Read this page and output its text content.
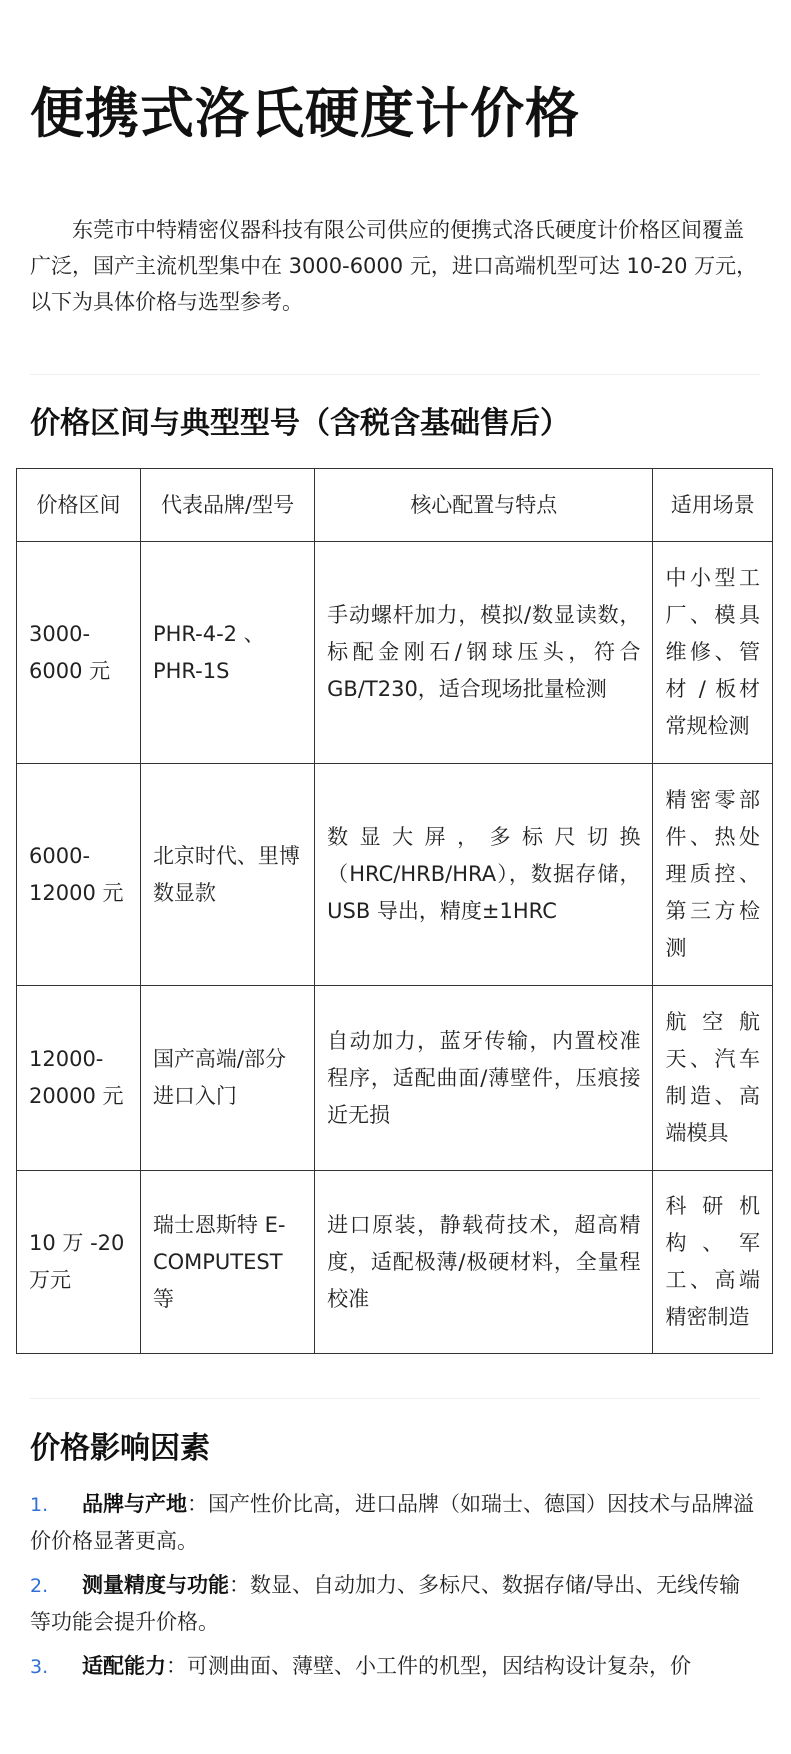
便携式洛氏硬度计价格

东莞市中特精密仪器科技有限公司供应的便携式洛氏硬度计价格区间覆盖广泛，国产主流机型集中在 3000-6000 元，进口高端机型可达 10-20 万元，以下为具体价格与选型参考。

价格区间与典型型号（含税含基础售后）
价格区间	代表品牌/型号	核心配置与特点	适用场景
3000-6000 元	PHR-4-2 、PHR-1S	手动螺杆加力，模拟/数显读数，标配金刚石/钢球压头，符合 GB/T230，适合现场批量检测	中小型工厂、模具维修、管材 / 板材常规检测
6000-12000 元	北京时代、里博数显款	数显大屏，多标尺切换（HRC/HRB/HRA），数据存储，USB 导出，精度±1HRC	精密零部件、热处理质控、第三方检测
12000-20000 元	国产高端/部分进口入门	自动加力，蓝牙传输，内置校准程序，适配曲面/薄壁件，压痕接近无损	航空航天、汽车制造、高端模具
10 万 -20 万元	瑞士恩斯特 E-COMPUTEST 等	进口原装，静载荷技术，超高精度，适配极薄/极硬材料，全量程校准	科研机构、军工、高端精密制造
价格影响因素
1. 品牌与产地：国产性价比高，进口品牌（如瑞士、德国）因技术与品牌溢价价格显著更高。
2. 测量精度与功能：数显、自动加力、多标尺、数据存储/导出、无线传输等功能会提升价格。
3. 适配能力：可测曲面、薄壁、小工件的机型，因结构设计复杂，价
